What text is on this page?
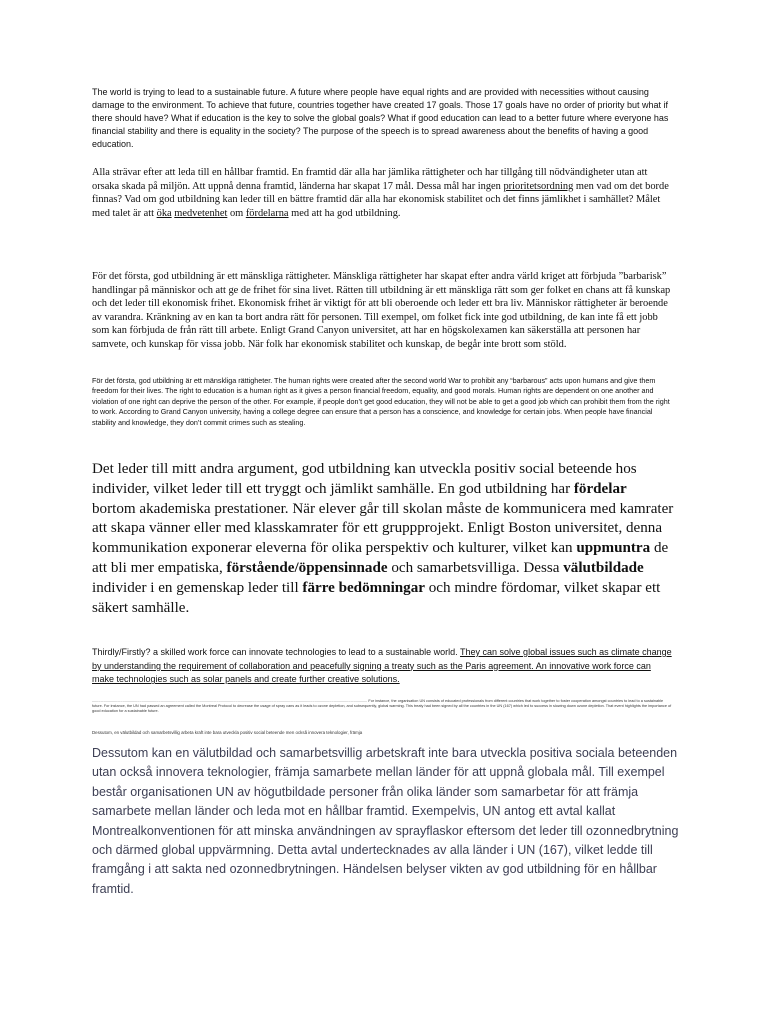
The world is trying to lead to a sustainable future. A future where people have equal rights and are provided with necessities without causing damage to the environment. To achieve that future, countries together have created 17 goals. Those 17 goals have no order of priority but what if there should have? What if education is the key to solve the global goals? What if good education can lead to a better future where everyone has financial stability and there is equality in the society? The purpose of the speech is to spread awareness about the benefits of having a good education.

Alla strävar efter att leda till en hållbar framtid. En framtid där alla har jämlika rättigheter och har tillgång till nödvändigheter utan att orsaka skada på miljön. Att uppnå denna framtid, länderna har skapat 17 mål. Dessa mål har ingen prioritetsordning men vad om det borde finnas? Vad om god utbildning kan leder till en bättre framtid där alla har ekonomisk stabilitet och det finns jämlikhet i samhället? Målet med talet är att öka medvetenhet om fördelarna med att ha god utbildning.

För det första, god utbildning är ett mänskliga rättigheter. Mänskliga rättigheter har skapat efter andra värld kriget att förbjuda ”barbarisk” handlingar på människor och att ge de frihet för sina livet. Rätten till utbildning är ett mänskliga rätt som ger folket en chans att få kunskap och det leder till ekonomisk frihet. Ekonomisk frihet är viktigt för att bli oberoende och leder ett bra liv. Människor rättigheter är beroende av varandra. Kränkning av en kan ta bort andra rätt för personen. Till exempel, om folket fick inte god utbildning, de kan inte få ett jobb som kan förbjuda de från rätt till arbete. Enligt Grand Canyon universitet, att har en högskolexamen kan säkerställa att personen har samvete, och kunskap för vissa jobb. När folk har ekonomisk stabilitet och kunskap, de begår inte brott som stöld.

För det första, god utbildning är ett mänskliga rättigheter. The human rights were created after the second world War to prohibit any “barbarous” acts upon humans and give them freedom for their lives. The right to education is a human right as it gives a person financial freedom, equality, and good morals. Human rights are dependent on one another and violation of one right can deprive the person of the other. For example, if people don’t get good education, they will not be able to get a good job which can prohibit them from the right to work. According to Grand Canyon university, having a college degree can ensure that a person has a conscience, and knowledge for certain jobs. When people have financial stability and knowledge, they don’t commit crimes such as stealing.

Det leder till mitt andra argument, god utbildning kan utveckla positiv social beteende hos individer, vilket leder till ett tryggt och jämlikt samhälle. En god utbildning har fördelar bortom akademiska prestationer. När elever går till skolan måste de kommunicera med kamrater att skapa vänner eller med klasskamrater för ett gruppprojekt. Enligt Boston universitet, denna kommunikation exponerar eleverna för olika perspektiv och kulturer, vilket kan uppmuntra de att bli mer empatiska, förstående/öppensinnade och samarbetsvilliga. Dessa välutbildade individer i en gemenskap leder till färre bedömningar och mindre fördomar, vilket skapar ett säkert samhälle.

Thirdly/Firstly? a skilled work force can innovate technologies to lead to a sustainable world. They can solve global issues such as climate change by understanding the requirement of collaboration and peacefully signing a treaty such as the Paris agreement. An innovative work force can make technologies such as solar panels and create further creative solutions.

..................................................................................................................................................................................................................................................................... For instance, the organisation UN consists of educated professionals from different countries that work together to foster cooperation amongst countries to lead to a sustainable future. For instance, the UN had passed an agreement called the Montreal Protocol to decrease the usage of spray cans as it leads to ozone depletion, and subsequently, global warming. This treaty had been signed by all the countries in the UN (167) which led to success in slowing down ozone depletion. That event highlights the importance of good education for a sustainable future.

Dessutom, en välutbildad och samarbetsvillig arbeta kraft inte bara utveckla positiv social beteende men också innovera teknologier, främja

Dessutom kan en välutbildad och samarbetsvillig arbetskraft inte bara utveckla positiva sociala beteenden utan också innovera teknologier, främja samarbete mellan länder för att uppnå globala mål. Till exempel består organisationen UN av högutbildade personer från olika länder som samarbetar för att främja samarbete mellan länder och leda mot en hållbar framtid. Exempelvis, UN antog ett avtal kallat Montrealkonventionen för att minska användningen av sprayflaskor eftersom det leder till ozonnedbrytning och därmed global uppvärmning. Detta avtal undertecknades av alla länder i UN (167), vilket ledde till framgång i att sakta ned ozonnedbrytningen. Händelsen belyser vikten av god utbildning för en hållbar framtid.
